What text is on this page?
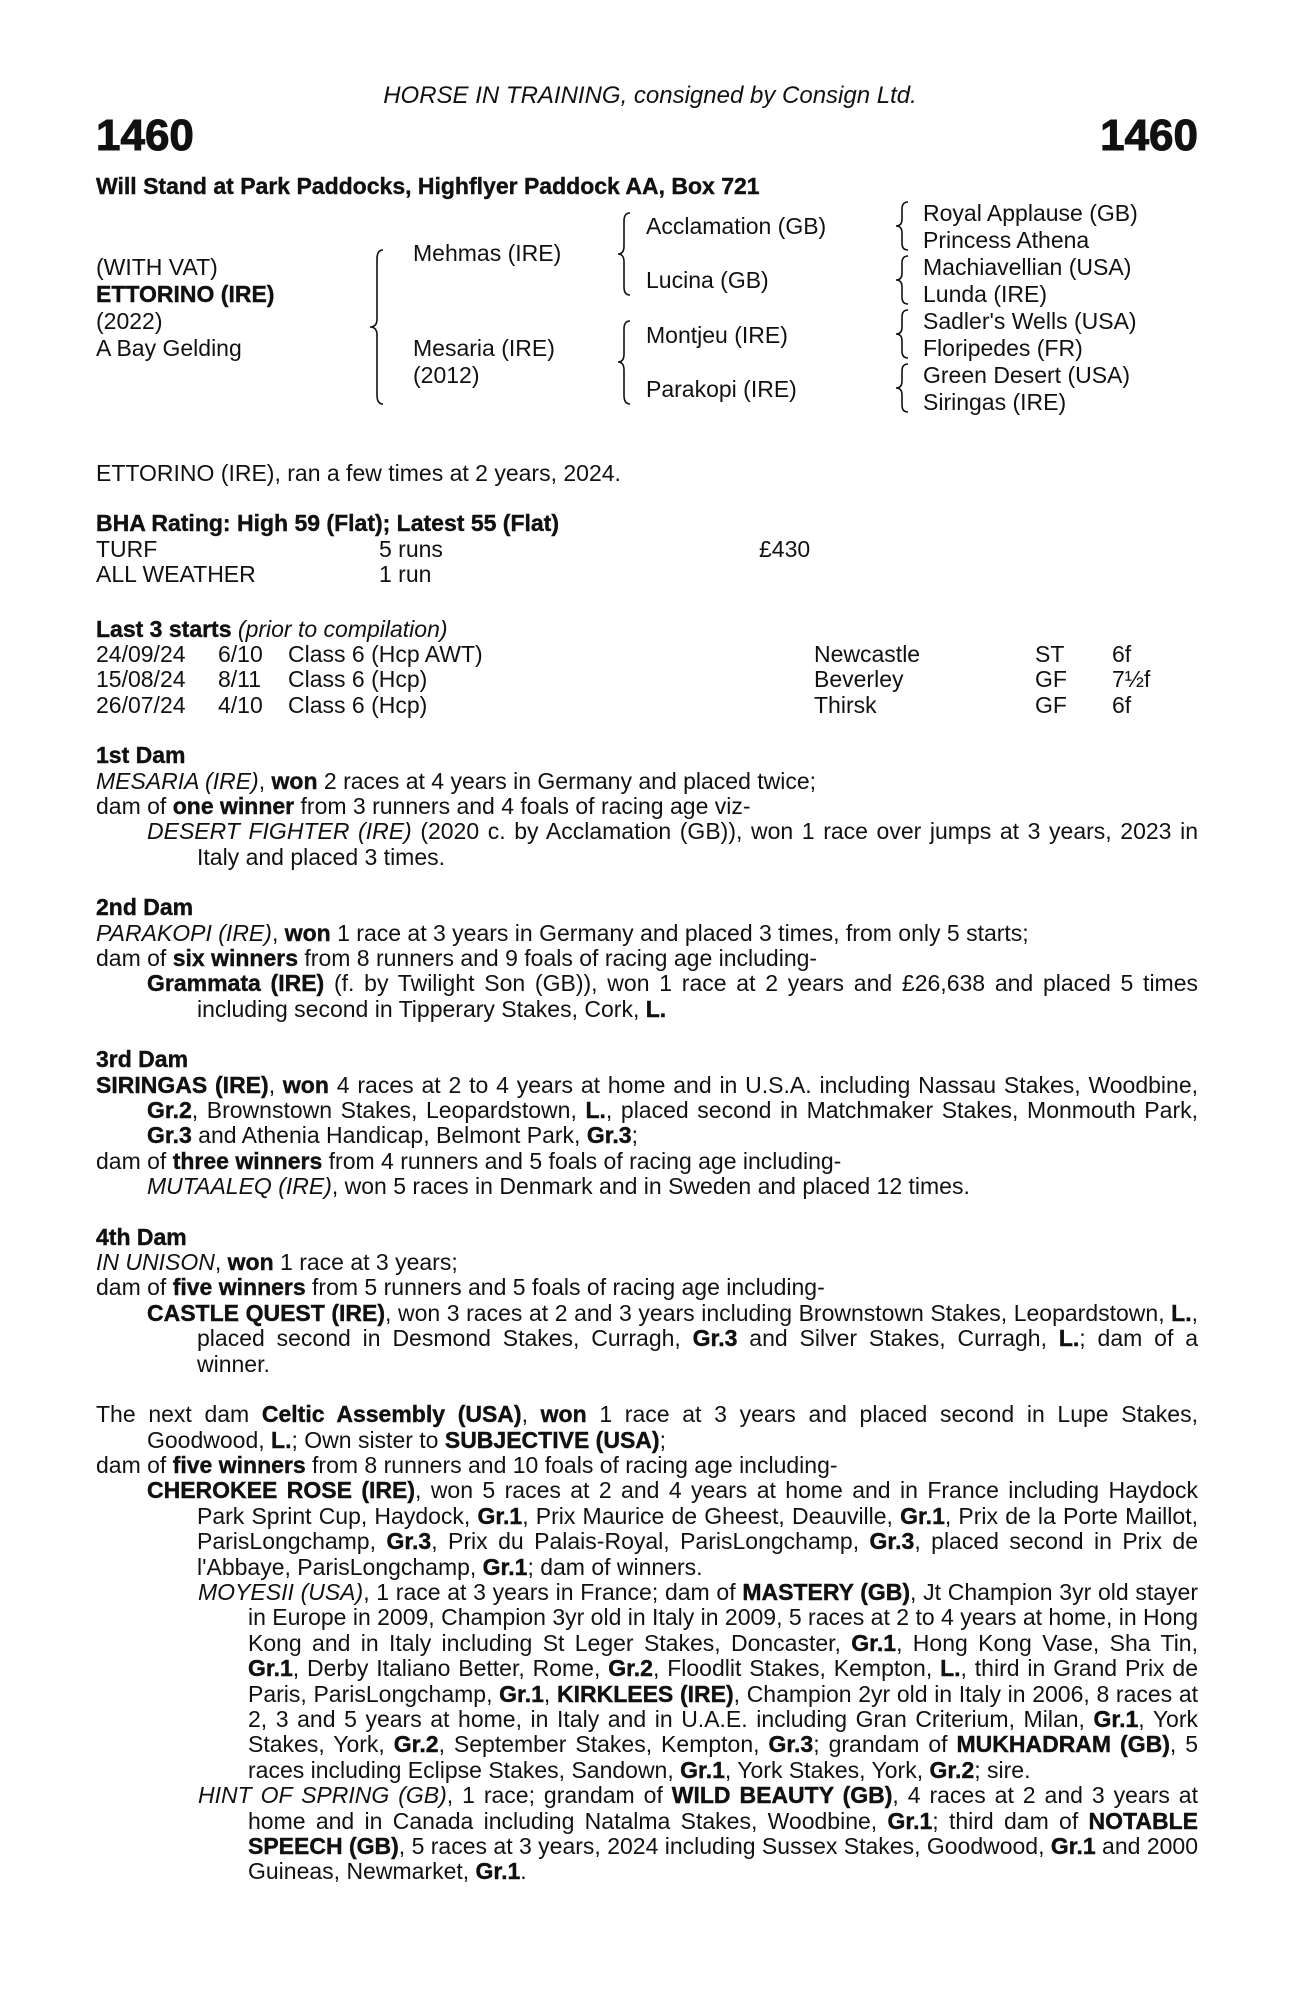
HORSE IN TRAINING, consigned by Consign Ltd.
1460	1460
Will Stand at Park Paddocks, Highflyer Paddock AA, Box 721
(WITH VAT)
ETTORINO (IRE)
(2022)
A Bay Gelding
Mehmas (IRE)
Mesaria (IRE)
(2012)
Acclamation (GB)
Lucina (GB)
Montjeu (IRE)
Parakopi (IRE)
Royal Applause (GB)
Princess Athena
Machiavellian (USA)
Lunda (IRE)
Sadler's Wells (USA)
Floripedes (FR)
Green Desert (USA)
Siringas (IRE)
ETTORINO (IRE), ran a few times at 2 years, 2024.
BHA Rating: High 59 (Flat); Latest 55 (Flat)
TURF	5 runs	£430
ALL WEATHER	1 run
Last 3 starts (prior to compilation)
24/09/24 6/10 Class 6 (Hcp AWT)	Newcastle	ST 6f
15/08/24 8/11 Class 6 (Hcp)	Beverley	GF 7½f
26/07/24 4/10 Class 6 (Hcp)	Thirsk	GF 6f
1st Dam
MESARIA (IRE), won 2 races at 4 years in Germany and placed twice;
dam of one winner from 3 runners and 4 foals of racing age viz-
DESERT FIGHTER (IRE) (2020 c. by Acclamation (GB)), won 1 race over jumps at 3 years, 2023 in Italy and placed 3 times.
2nd Dam
PARAKOPI (IRE), won 1 race at 3 years in Germany and placed 3 times, from only 5 starts;
dam of six winners from 8 runners and 9 foals of racing age including-
Grammata (IRE) (f. by Twilight Son (GB)), won 1 race at 2 years and £26,638 and placed 5 times including second in Tipperary Stakes, Cork, L.
3rd Dam
SIRINGAS (IRE), won 4 races at 2 to 4 years at home and in U.S.A. including Nassau Stakes, Woodbine, Gr.2, Brownstown Stakes, Leopardstown, L., placed second in Matchmaker Stakes, Monmouth Park, Gr.3 and Athenia Handicap, Belmont Park, Gr.3;
dam of three winners from 4 runners and 5 foals of racing age including-
MUTAALEQ (IRE), won 5 races in Denmark and in Sweden and placed 12 times.
4th Dam
IN UNISON, won 1 race at 3 years;
dam of five winners from 5 runners and 5 foals of racing age including-
CASTLE QUEST (IRE), won 3 races at 2 and 3 years including Brownstown Stakes, Leopardstown, L., placed second in Desmond Stakes, Curragh, Gr.3 and Silver Stakes, Curragh, L.; dam of a winner.
The next dam Celtic Assembly (USA), won 1 race at 3 years and placed second in Lupe Stakes, Goodwood, L.; Own sister to SUBJECTIVE (USA);
dam of five winners from 8 runners and 10 foals of racing age including-
CHEROKEE ROSE (IRE), won 5 races at 2 and 4 years at home and in France including Haydock Park Sprint Cup, Haydock, Gr.1, Prix Maurice de Gheest, Deauville, Gr.1, Prix de la Porte Maillot, ParisLongchamp, Gr.3, Prix du Palais-Royal, ParisLongchamp, Gr.3, placed second in Prix de l'Abbaye, ParisLongchamp, Gr.1; dam of winners.
MOYESII (USA), 1 race at 3 years in France; dam of MASTERY (GB), Jt Champion 3yr old stayer in Europe in 2009, Champion 3yr old in Italy in 2009, 5 races at 2 to 4 years at home, in Hong Kong and in Italy including St Leger Stakes, Doncaster, Gr.1, Hong Kong Vase, Sha Tin, Gr.1, Derby Italiano Better, Rome, Gr.2, Floodlit Stakes, Kempton, L., third in Grand Prix de Paris, ParisLongchamp, Gr.1, KIRKLEES (IRE), Champion 2yr old in Italy in 2006, 8 races at 2, 3 and 5 years at home, in Italy and in U.A.E. including Gran Criterium, Milan, Gr.1, York Stakes, York, Gr.2, September Stakes, Kempton, Gr.3; grandam of MUKHADRAM (GB), 5 races including Eclipse Stakes, Sandown, Gr.1, York Stakes, York, Gr.2; sire.
HINT OF SPRING (GB), 1 race; grandam of WILD BEAUTY (GB), 4 races at 2 and 3 years at home and in Canada including Natalma Stakes, Woodbine, Gr.1; third dam of NOTABLE SPEECH (GB), 5 races at 3 years, 2024 including Sussex Stakes, Goodwood, Gr.1 and 2000 Guineas, Newmarket, Gr.1.
